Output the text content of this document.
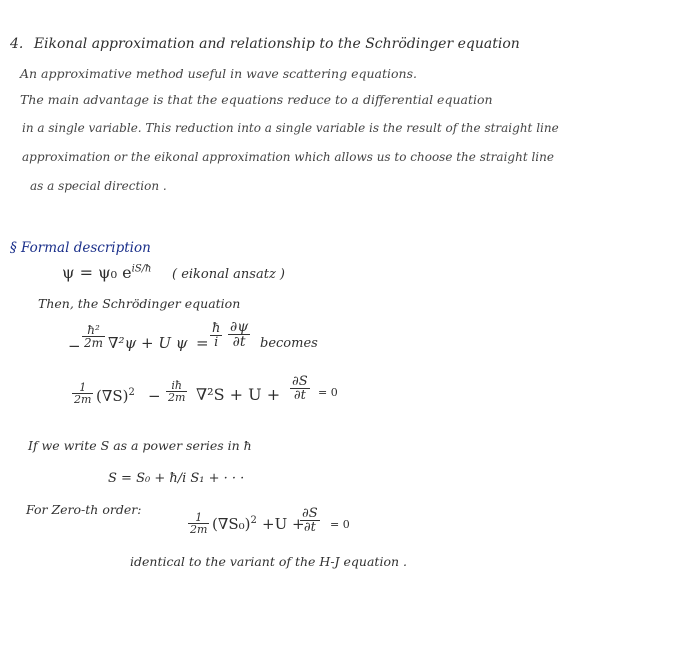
4. Eikonal approximation and relationship to the Schrödinger equation
An approximative method useful in wave scattering equations.
The main advantage is that the equations reduce to a differential equation
in a single variable. This reduction into a single variable is the result of the straight line
approximation or the eikonal approximation which allows us to choose the straight line
as a special direction .
§ Formal description
ψ = ψ₀ $e^{iS/ħ}$ ( eikonal ansatz )
Then, the Schrödinger equation
− $\frac{\text{ħ²}}{2m} \nabla^2\psi + U$ $\psi = \frac{ħ}{i} \frac{\partial\psi}{\partial t}$ becomes
$\frac{1}{2m} (\nabla S)^2 - \frac{iħ}{2m} \nabla^2S + U + \frac{\partial S}{\partial t} = 0$
If we write S as a power series in ħ
S = S₀ + ħ/i S₁ + · · ·
For Zero-th order:
$\frac{1}{2m} (\nabla S_0)^2 +U$ +
$\frac{\partial S}{\partial t} = 0$
identical to the variant of the H-J equation .
